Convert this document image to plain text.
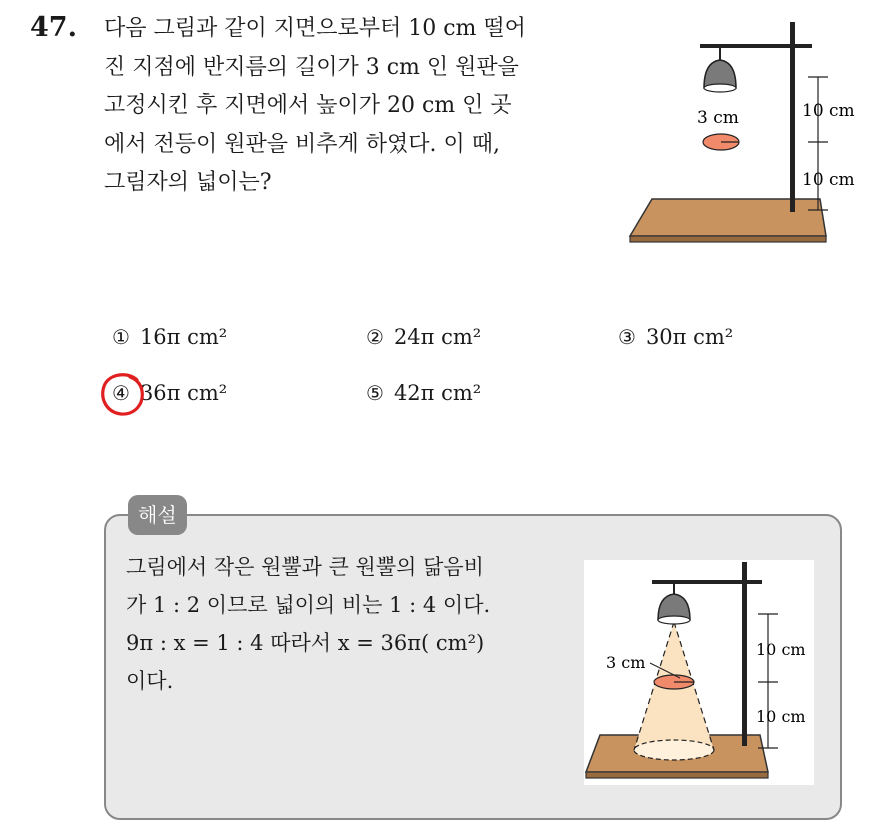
47. 다음 그림과 같이 지면으로부터 10 cm 떨어
진 지점에 반지름의 길이가 3 cm 인 원판을
고정시킨 후 지면에서 높이가 20 cm 인 곳
에서 전등이 원판을 비추게 하였다. 이 때,
그림자의 넓이는?
3 cm	10 cm
10 cm
① 16π cm²	② 24π cm²	③ 30π cm²
④ 36π cm²	⑤ 42π cm²
해설
그림에서 작은 원뿔과 큰 원뿔의 닮음비
가 1 : 2 이므로 넓이의 비는 1 : 4 이다.
9π : x = 1 : 4 따라서 x = 36π( cm²)
이다.
3 cm
10 cm
10 cm
